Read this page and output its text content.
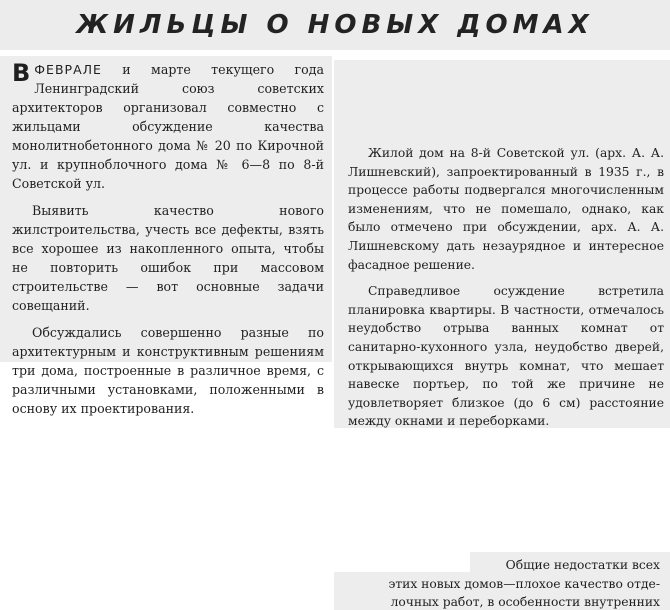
ЖИЛЬЦЫ О НОВЫХ ДОМАХ

ВФЕВРАЛЕ и марте текущего года Ленинградский союз советских архитекторов организовал совместно с жильцами обсуждение качества монолитнобетонного дома № 20 по Кирочной ул. и крупноблочного дома № 6—8 по 8-й Советской ул.

Выявить качество нового жилстроительства, учесть все дефекты, взять все хорошее из накопленного опыта, чтобы не повторить ошибок при массовом строительстве — вот основные задачи совещаний.

Обсуждались совершенно разные по архитектурным и конструктивным решениям три дома, построенные в различное время, с различными установками, положенными в основу их проектирования.

Жилой дом на 8-й Советской ул. (арх. А. А. Лишневский), запроектированный в 1935 г., в процессе работы подвергался многочисленным изменениям, что не помешало, однако, как было отмечено при обсуждении, арх. А. А. Лишневскому дать незаурядное и интересное фасадное решение.

Справедливое осуждение встретила планировка квартиры. В частности, отмечалось неудобство отрыва ванных комнат от санитарно-кухонного узла, неудобство дверей, открывающихся внутрь комнат, что мешает навеске портьер, по той же причине не удовлетворяет близкое (до 6 см) расстояние между окнами и переборками.

Общие недостатки всех
этих новых домов—плохое качество отде-
лочных работ, в особенности внутренних
